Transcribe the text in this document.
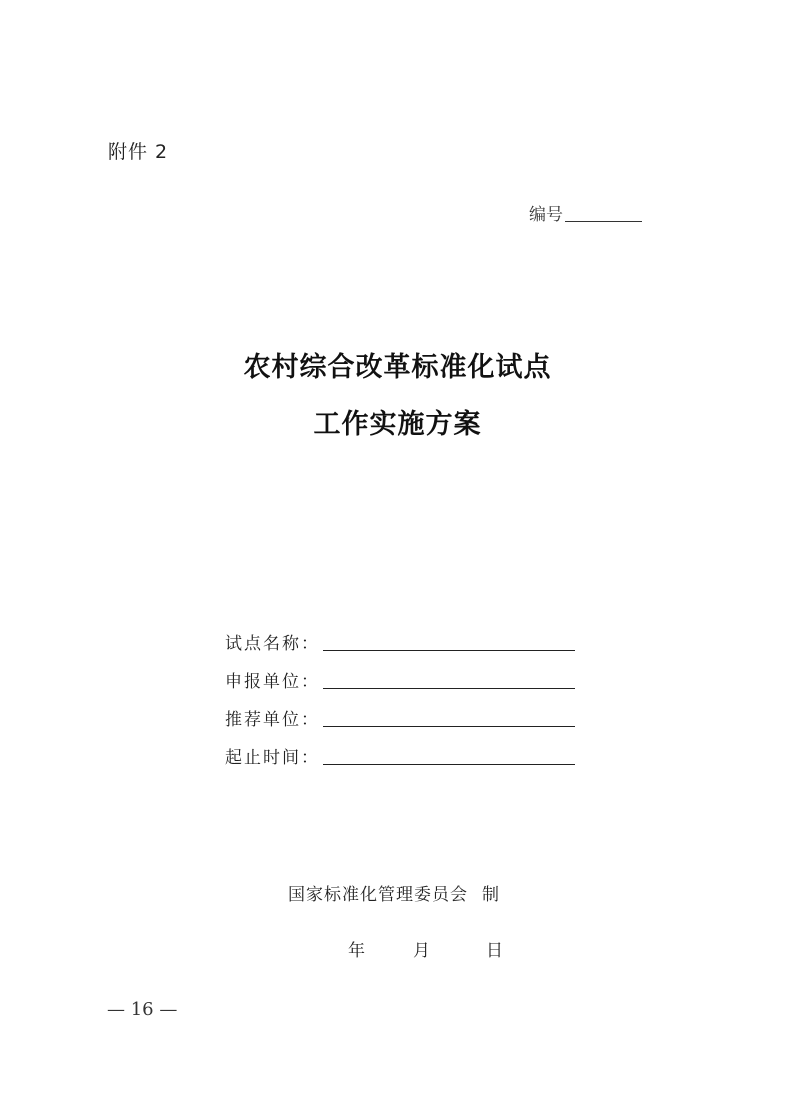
附件 2
编号
农村综合改革标准化试点
工作实施方案
试点名称：
申报单位：
推荐单位：
起止时间：
国家标准化管理委员会 制
年	月	日
— 16 —
